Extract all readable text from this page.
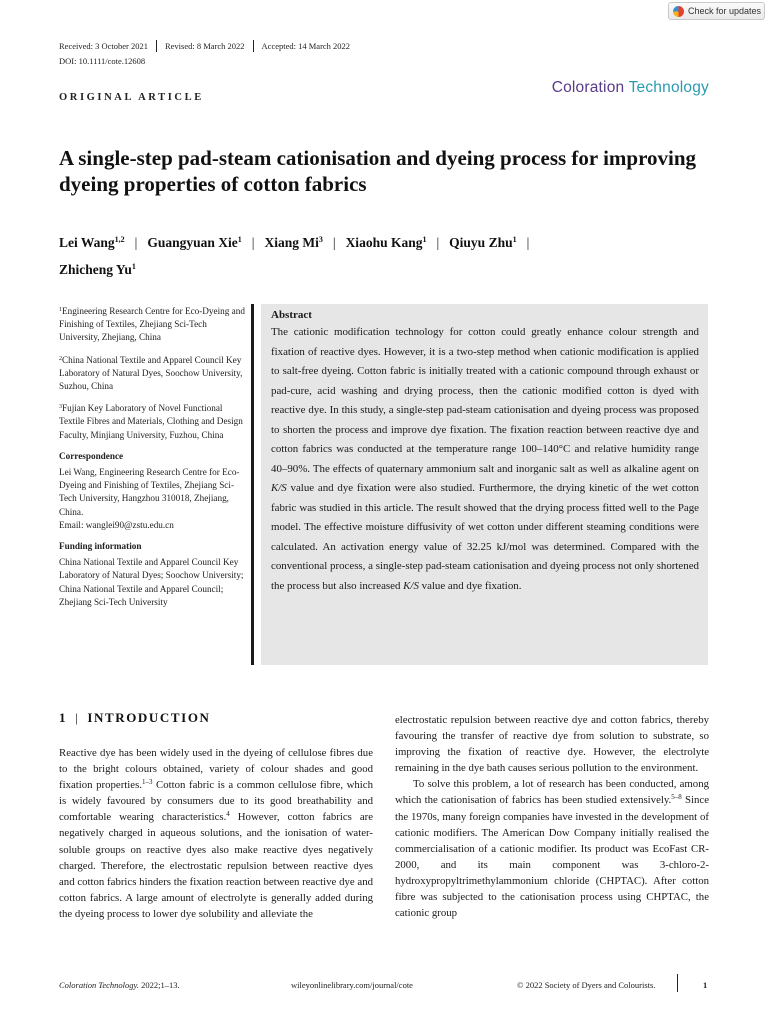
Check for updates
Received: 3 October 2021	Revised: 8 March 2022	Accepted: 14 March 2022
DOI: 10.1111/cote.12608
Coloration Technology
ORIGINAL ARTICLE
A single-step pad-steam cationisation and dyeing process for improving dyeing properties of cotton fabrics
Lei Wang$^{1,2}$ | Guangyuan Xie$^1$ | Xiang Mi$^3$ | Xiaohu Kang$^1$ | Qiuyu Zhu$^1$ |
Zhicheng Yu$^1$

$^1$Engineering Research Centre for Eco-Dyeing and Finishing of Textiles, Zhejiang Sci-Tech University, Zhejiang, China

$^2$China National Textile and Apparel Council Key Laboratory of Natural Dyes, Soochow University, Suzhou, China

$^3$Fujian Key Laboratory of Novel Functional Textile Fibres and Materials, Clothing and Design Faculty, Minjiang University, Fuzhou, China

Correspondence

Lei Wang, Engineering Research Centre for Eco-Dyeing and Finishing of Textiles, Zhejiang Sci-Tech University, Hangzhou 310018, Zhejiang, China.

Email: wanglei90@zstu.edu.cn

Funding information

China National Textile and Apparel Council Key Laboratory of Natural Dyes; Soochow University; China National Textile and Apparel Council; Zhejiang Sci-Tech University

Abstract

The cationic modification technology for cotton could greatly enhance colour strength and fixation of reactive dyes. However, it is a two-step method when cationic modification is applied to salt-free dyeing. Cotton fabric is initially treated with a cationic compound through exhaust or pad-cure, acid washing and drying process, then the cationic modified cotton is dyed with reactive dye. In this study, a single-step pad-steam cationisation and dyeing process was proposed to shorten the process and improve dye fixation. The fixation reaction between reactive dye and cotton fabrics was conducted at the temperature range 100–140°C and relative humidity range 40–90%. The effects of quaternary ammonium salt and inorganic salt as well as alkaline agent on K/S value and dye fixation were also studied. Furthermore, the drying kinetic of the wet cotton fabric was studied in this article. The result showed that the drying process fitted well to the Page model. The effective moisture diffusivity of wet cotton under different steaming conditions were calculated. An activation energy value of 32.25 kJ/mol was determined. Compared with the conventional process, a single-step pad-steam cationisation and dyeing process not only shortened the process but also increased K/S value and dye fixation.

1 | INTRODUCTION

Reactive dye has been widely used in the dyeing of cellulose fibres due to the bright colours obtained, variety of colour shades and good fixation properties.$^{1-3}$ Cotton fabric is a common cellulose fibre, which is widely favoured by consumers due to its good breathability and comfortable wearing characteristics.$^4$ However, cotton fabrics are negatively charged in aqueous solutions, and the ionisation of water-soluble groups on reactive dyes also make reactive dyes negatively charged. Therefore, the electrostatic repulsion between reactive dyes and cotton fabrics hinders the fixation reaction between reactive dye and cotton fabrics. A large amount of electrolyte is generally added during the dyeing process to lower dye solubility and alleviate the

electrostatic repulsion between reactive dye and cotton fabrics, thereby favouring the transfer of reactive dye from solution to substrate, so improving the fixation of reactive dye. However, the electrolyte remaining in the dye bath causes serious pollution to the environment.

To solve this problem, a lot of research has been conducted, among which the cationisation of fabrics has been studied extensively.$^{5-8}$ Since the 1970s, many foreign companies have invested in the development of cationic modifiers. The American Dow Company initially realised the commercialisation of a cationic modifier. Its product was EcoFast CR-2000, and its main component was 3-chloro-2-hydroxypropyltrimethylammonium chloride (CHPTAC). After cotton fibre was subjected to the cationisation process using CHPTAC, the cationic group

Coloration Technology. 2022;1–13.	wileyonlinelibrary.com/journal/cote	© 2022 Society of Dyers and Colourists.	1
